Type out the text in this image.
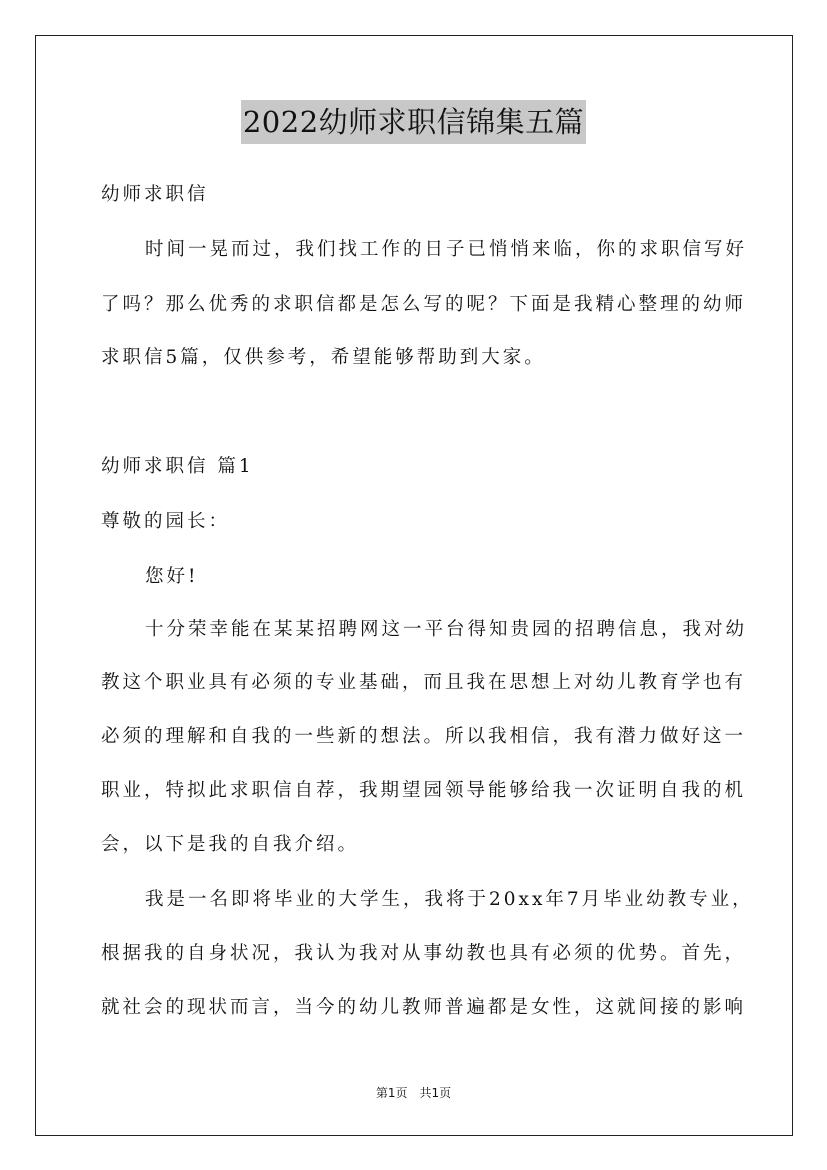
2022幼师求职信锦集五篇
幼师求职信
时间一晃而过，我们找工作的日子已悄悄来临，你的求职信写好
了吗？那么优秀的求职信都是怎么写的呢？下面是我精心整理的幼师
求职信5篇，仅供参考，希望能够帮助到大家。
幼师求职信 篇1
尊敬的园长：
您好!
十分荣幸能在某某招聘网这一平台得知贵园的招聘信息，我对幼
教这个职业具有必须的专业基础，而且我在思想上对幼儿教育学也有
必须的理解和自我的一些新的想法。所以我相信，我有潜力做好这一
职业，特拟此求职信自荐，我期望园领导能够给我一次证明自我的机
会，以下是我的自我介绍。
我是一名即将毕业的大学生，我将于20xx年7月毕业幼教专业，
根据我的自身状况，我认为我对从事幼教也具有必须的优势。首先，
就社会的现状而言，当今的幼儿教师普遍都是女性，这就间接的影响
第1页　共1页
